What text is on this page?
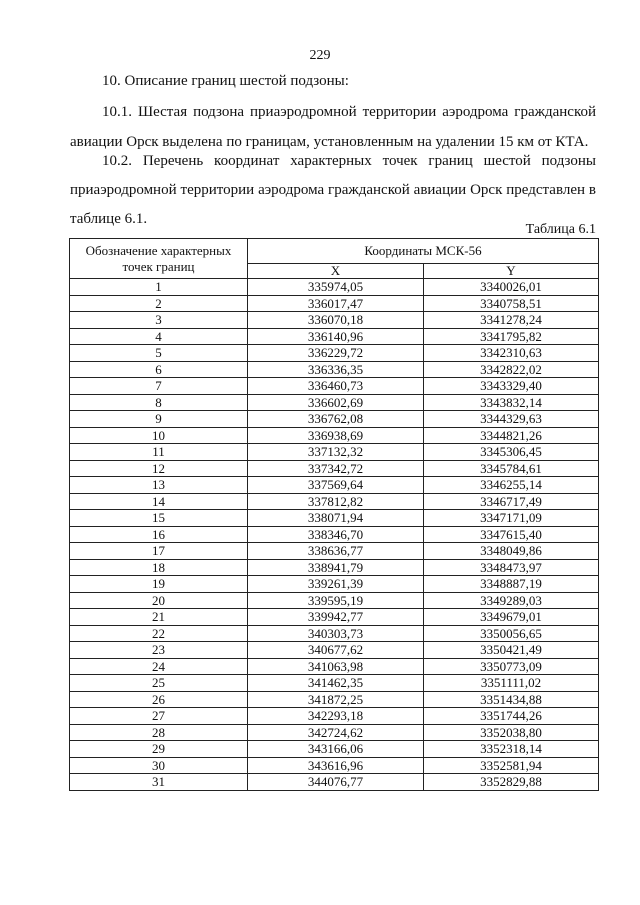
229
10. Описание границ шестой подзоны:
10.1. Шестая подзона приаэродромной территории аэродрома гражданской авиации Орск выделена по границам, установленным на удалении 15 км от КТА.
10.2. Перечень координат характерных точек границ шестой подзоны приаэродромной территории аэродрома гражданской авиации Орск представлен в таблице 6.1.
Таблица 6.1
Обозначение характерных точек границ	Координаты МСК-56	
	X	Y
1	335974,05	3340026,01
2	336017,47	3340758,51
3	336070,18	3341278,24
4	336140,96	3341795,82
5	336229,72	3342310,63
6	336336,35	3342822,02
7	336460,73	3343329,40
8	336602,69	3343832,14
9	336762,08	3344329,63
10	336938,69	3344821,26
11	337132,32	3345306,45
12	337342,72	3345784,61
13	337569,64	3346255,14
14	337812,82	3346717,49
15	338071,94	3347171,09
16	338346,70	3347615,40
17	338636,77	3348049,86
18	338941,79	3348473,97
19	339261,39	3348887,19
20	339595,19	3349289,03
21	339942,77	3349679,01
22	340303,73	3350056,65
23	340677,62	3350421,49
24	341063,98	3350773,09
25	341462,35	3351111,02
26	341872,25	3351434,88
27	342293,18	3351744,26
28	342724,62	3352038,80
29	343166,06	3352318,14
30	343616,96	3352581,94
31	344076,77	3352829,88
